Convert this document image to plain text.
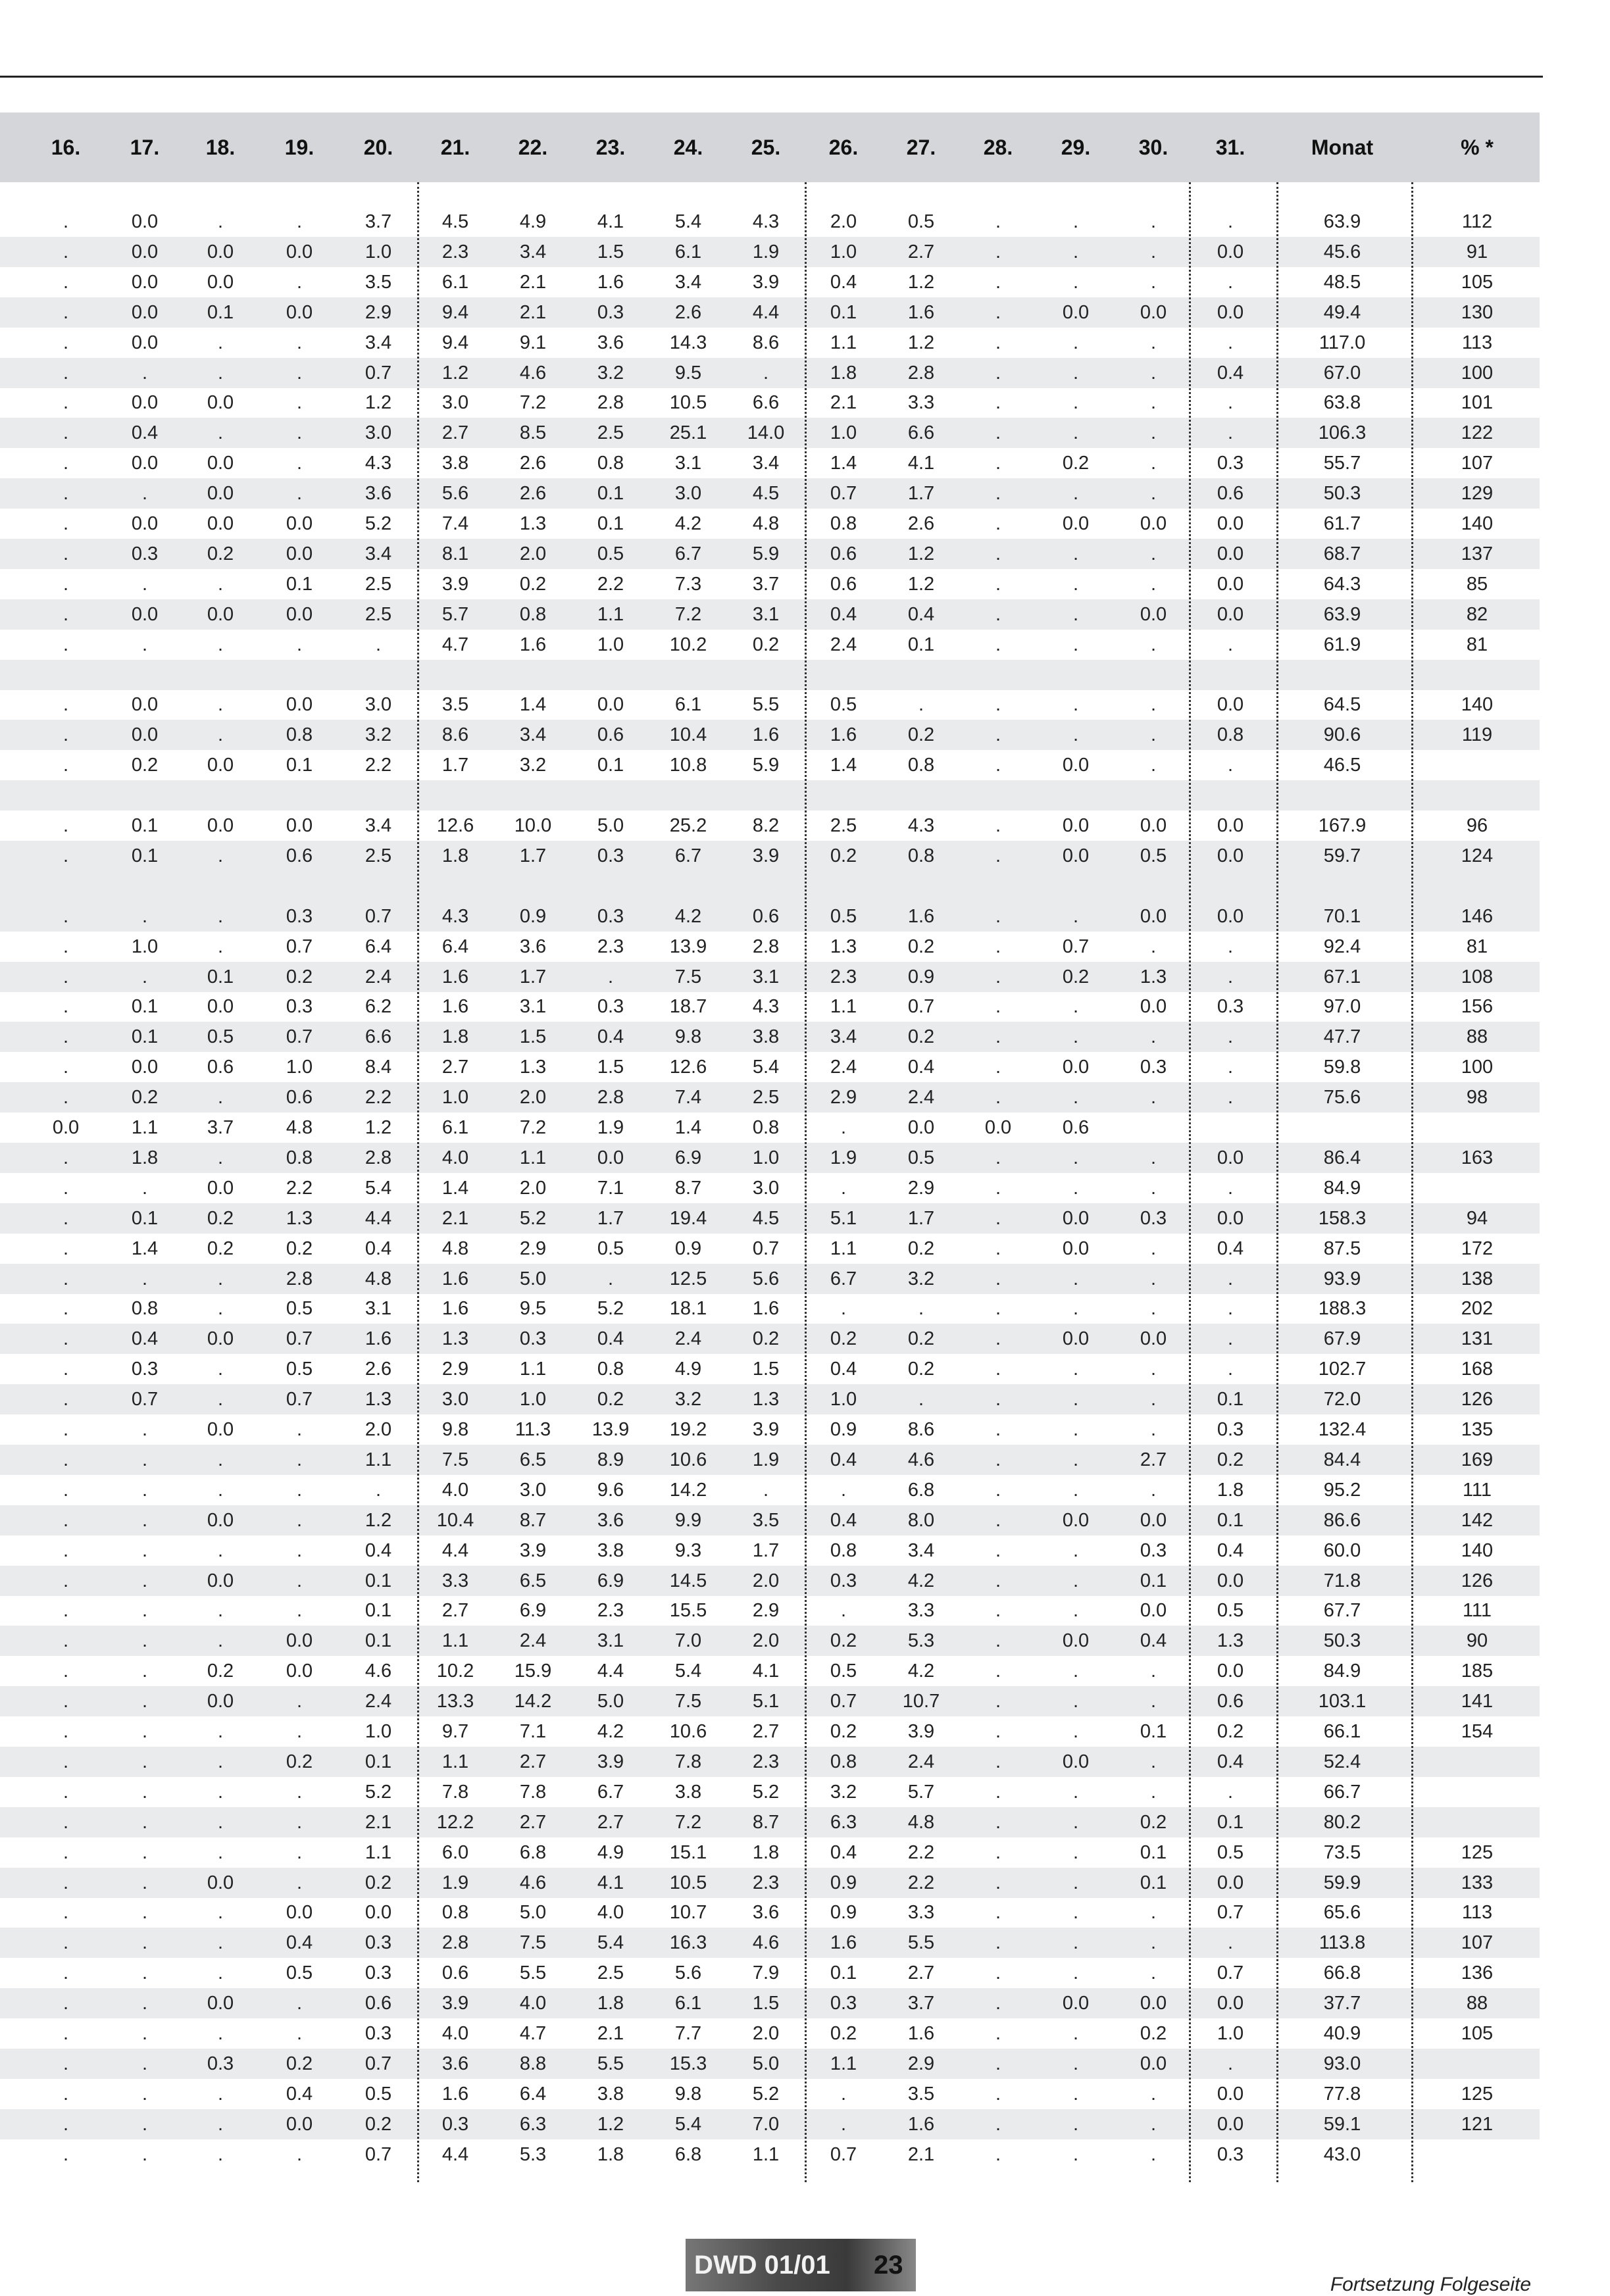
16.	17.	18.	19.	20.	21.	22.	23.	24.	25.	26.	27.	28.	29.	30.	31.	Monat	% *
.	0.0	.	.	3.7	4.5	4.9	4.1	5.4	4.3	2.0	0.5	.	.	.	.	63.9	112
.	0.0	0.0	0.0	1.0	2.3	3.4	1.5	6.1	1.9	1.0	2.7	.	.	.	0.0	45.6	91
.	0.0	0.0	.	3.5	6.1	2.1	1.6	3.4	3.9	0.4	1.2	.	.	.	.	48.5	105
.	0.0	0.1	0.0	2.9	9.4	2.1	0.3	2.6	4.4	0.1	1.6	.	0.0	0.0	0.0	49.4	130
.	0.0	.	.	3.4	9.4	9.1	3.6	14.3	8.6	1.1	1.2	.	.	.	.	117.0	113
.	.	.	.	0.7	1.2	4.6	3.2	9.5	.	1.8	2.8	.	.	.	0.4	67.0	100
.	0.0	0.0	.	1.2	3.0	7.2	2.8	10.5	6.6	2.1	3.3	.	.	.	.	63.8	101
.	0.4	.	.	3.0	2.7	8.5	2.5	25.1	14.0	1.0	6.6	.	.	.	.	106.3	122
.	0.0	0.0	.	4.3	3.8	2.6	0.8	3.1	3.4	1.4	4.1	.	0.2	.	0.3	55.7	107
.	.	0.0	.	3.6	5.6	2.6	0.1	3.0	4.5	0.7	1.7	.	.	.	0.6	50.3	129
.	0.0	0.0	0.0	5.2	7.4	1.3	0.1	4.2	4.8	0.8	2.6	.	0.0	0.0	0.0	61.7	140
.	0.3	0.2	0.0	3.4	8.1	2.0	0.5	6.7	5.9	0.6	1.2	.	.	.	0.0	68.7	137
.	.	.	0.1	2.5	3.9	0.2	2.2	7.3	3.7	0.6	1.2	.	.	.	0.0	64.3	85
.	0.0	0.0	0.0	2.5	5.7	0.8	1.1	7.2	3.1	0.4	0.4	.	.	0.0	0.0	63.9	82
.	.	.	.	.	4.7	1.6	1.0	10.2	0.2	2.4	0.1	.	.	.	.	61.9	81
.	0.0	.	0.0	3.0	3.5	1.4	0.0	6.1	5.5	0.5	.	.	.	.	0.0	64.5	140
.	0.0	.	0.8	3.2	8.6	3.4	0.6	10.4	1.6	1.6	0.2	.	.	.	0.8	90.6	119
.	0.2	0.0	0.1	2.2	1.7	3.2	0.1	10.8	5.9	1.4	0.8	.	0.0	.	.	46.5
.	0.1	0.0	0.0	3.4	12.6	10.0	5.0	25.2	8.2	2.5	4.3	.	0.0	0.0	0.0	167.9	96
.	0.1	.	0.6	2.5	1.8	1.7	0.3	6.7	3.9	0.2	0.8	.	0.0	0.5	0.0	59.7	124
.	.	.	0.3	0.7	4.3	0.9	0.3	4.2	0.6	0.5	1.6	.	.	0.0	0.0	70.1	146
.	1.0	.	0.7	6.4	6.4	3.6	2.3	13.9	2.8	1.3	0.2	.	0.7	.	.	92.4	81
.	.	0.1	0.2	2.4	1.6	1.7	.	7.5	3.1	2.3	0.9	.	0.2	1.3	.	67.1	108
.	0.1	0.0	0.3	6.2	1.6	3.1	0.3	18.7	4.3	1.1	0.7	.	.	0.0	0.3	97.0	156
.	0.1	0.5	0.7	6.6	1.8	1.5	0.4	9.8	3.8	3.4	0.2	.	.	.	.	47.7	88
.	0.0	0.6	1.0	8.4	2.7	1.3	1.5	12.6	5.4	2.4	0.4	.	0.0	0.3	.	59.8	100
.	0.2	.	0.6	2.2	1.0	2.0	2.8	7.4	2.5	2.9	2.4	.	.	.	.	75.6	98
0.0	1.1	3.7	4.8	1.2	6.1	7.2	1.9	1.4	0.8	.	0.0	0.0	0.6
.	1.8	.	0.8	2.8	4.0	1.1	0.0	6.9	1.0	1.9	0.5	.	.	.	0.0	86.4	163
.	.	0.0	2.2	5.4	1.4	2.0	7.1	8.7	3.0	.	2.9	.	.	.	.	84.9
.	0.1	0.2	1.3	4.4	2.1	5.2	1.7	19.4	4.5	5.1	1.7	.	0.0	0.3	0.0	158.3	94
.	1.4	0.2	0.2	0.4	4.8	2.9	0.5	0.9	0.7	1.1	0.2	.	0.0	.	0.4	87.5	172
.	.	.	2.8	4.8	1.6	5.0	.	12.5	5.6	6.7	3.2	.	.	.	.	93.9	138
.	0.8	.	0.5	3.1	1.6	9.5	5.2	18.1	1.6	.	.	.	.	.	.	188.3	202
.	0.4	0.0	0.7	1.6	1.3	0.3	0.4	2.4	0.2	0.2	0.2	.	0.0	0.0	.	67.9	131
.	0.3	.	0.5	2.6	2.9	1.1	0.8	4.9	1.5	0.4	0.2	.	.	.	.	102.7	168
.	0.7	.	0.7	1.3	3.0	1.0	0.2	3.2	1.3	1.0	.	.	.	.	0.1	72.0	126
.	.	0.0	.	2.0	9.8	11.3	13.9	19.2	3.9	0.9	8.6	.	.	.	0.3	132.4	135
.	.	.	.	1.1	7.5	6.5	8.9	10.6	1.9	0.4	4.6	.	.	2.7	0.2	84.4	169
.	.	.	.	.	4.0	3.0	9.6	14.2	.	.	6.8	.	.	.	1.8	95.2	111
.	.	0.0	.	1.2	10.4	8.7	3.6	9.9	3.5	0.4	8.0	.	0.0	0.0	0.1	86.6	142
.	.	.	.	0.4	4.4	3.9	3.8	9.3	1.7	0.8	3.4	.	.	0.3	0.4	60.0	140
.	.	0.0	.	0.1	3.3	6.5	6.9	14.5	2.0	0.3	4.2	.	.	0.1	0.0	71.8	126
.	.	.	.	0.1	2.7	6.9	2.3	15.5	2.9	.	3.3	.	.	0.0	0.5	67.7	111
.	.	.	0.0	0.1	1.1	2.4	3.1	7.0	2.0	0.2	5.3	.	0.0	0.4	1.3	50.3	90
.	.	0.2	0.0	4.6	10.2	15.9	4.4	5.4	4.1	0.5	4.2	.	.	.	0.0	84.9	185
.	.	0.0	.	2.4	13.3	14.2	5.0	7.5	5.1	0.7	10.7	.	.	.	0.6	103.1	141
.	.	.	.	1.0	9.7	7.1	4.2	10.6	2.7	0.2	3.9	.	.	0.1	0.2	66.1	154
.	.	.	0.2	0.1	1.1	2.7	3.9	7.8	2.3	0.8	2.4	.	0.0	.	0.4	52.4
.	.	.	.	5.2	7.8	7.8	6.7	3.8	5.2	3.2	5.7	.	.	.	.	66.7
.	.	.	.	2.1	12.2	2.7	2.7	7.2	8.7	6.3	4.8	.	.	0.2	0.1	80.2
.	.	.	.	1.1	6.0	6.8	4.9	15.1	1.8	0.4	2.2	.	.	0.1	0.5	73.5	125
.	.	0.0	.	0.2	1.9	4.6	4.1	10.5	2.3	0.9	2.2	.	.	0.1	0.0	59.9	133
.	.	.	0.0	0.0	0.8	5.0	4.0	10.7	3.6	0.9	3.3	.	.	.	0.7	65.6	113
.	.	.	0.4	0.3	2.8	7.5	5.4	16.3	4.6	1.6	5.5	.	.	.	.	113.8	107
.	.	.	0.5	0.3	0.6	5.5	2.5	5.6	7.9	0.1	2.7	.	.	.	0.7	66.8	136
.	.	0.0	.	0.6	3.9	4.0	1.8	6.1	1.5	0.3	3.7	.	0.0	0.0	0.0	37.7	88
.	.	.	.	0.3	4.0	4.7	2.1	7.7	2.0	0.2	1.6	.	.	0.2	1.0	40.9	105
.	.	0.3	0.2	0.7	3.6	8.8	5.5	15.3	5.0	1.1	2.9	.	.	0.0	.	93.0
.	.	.	0.4	0.5	1.6	6.4	3.8	9.8	5.2	.	3.5	.	.	.	0.0	77.8	125
.	.	.	0.0	0.2	0.3	6.3	1.2	5.4	7.0	.	1.6	.	.	.	0.0	59.1	121
.	.	.	.	0.7	4.4	5.3	1.8	6.8	1.1	0.7	2.1	.	.	.	0.3	43.0
DWD 01/01 23
Fortsetzung Folgeseite
